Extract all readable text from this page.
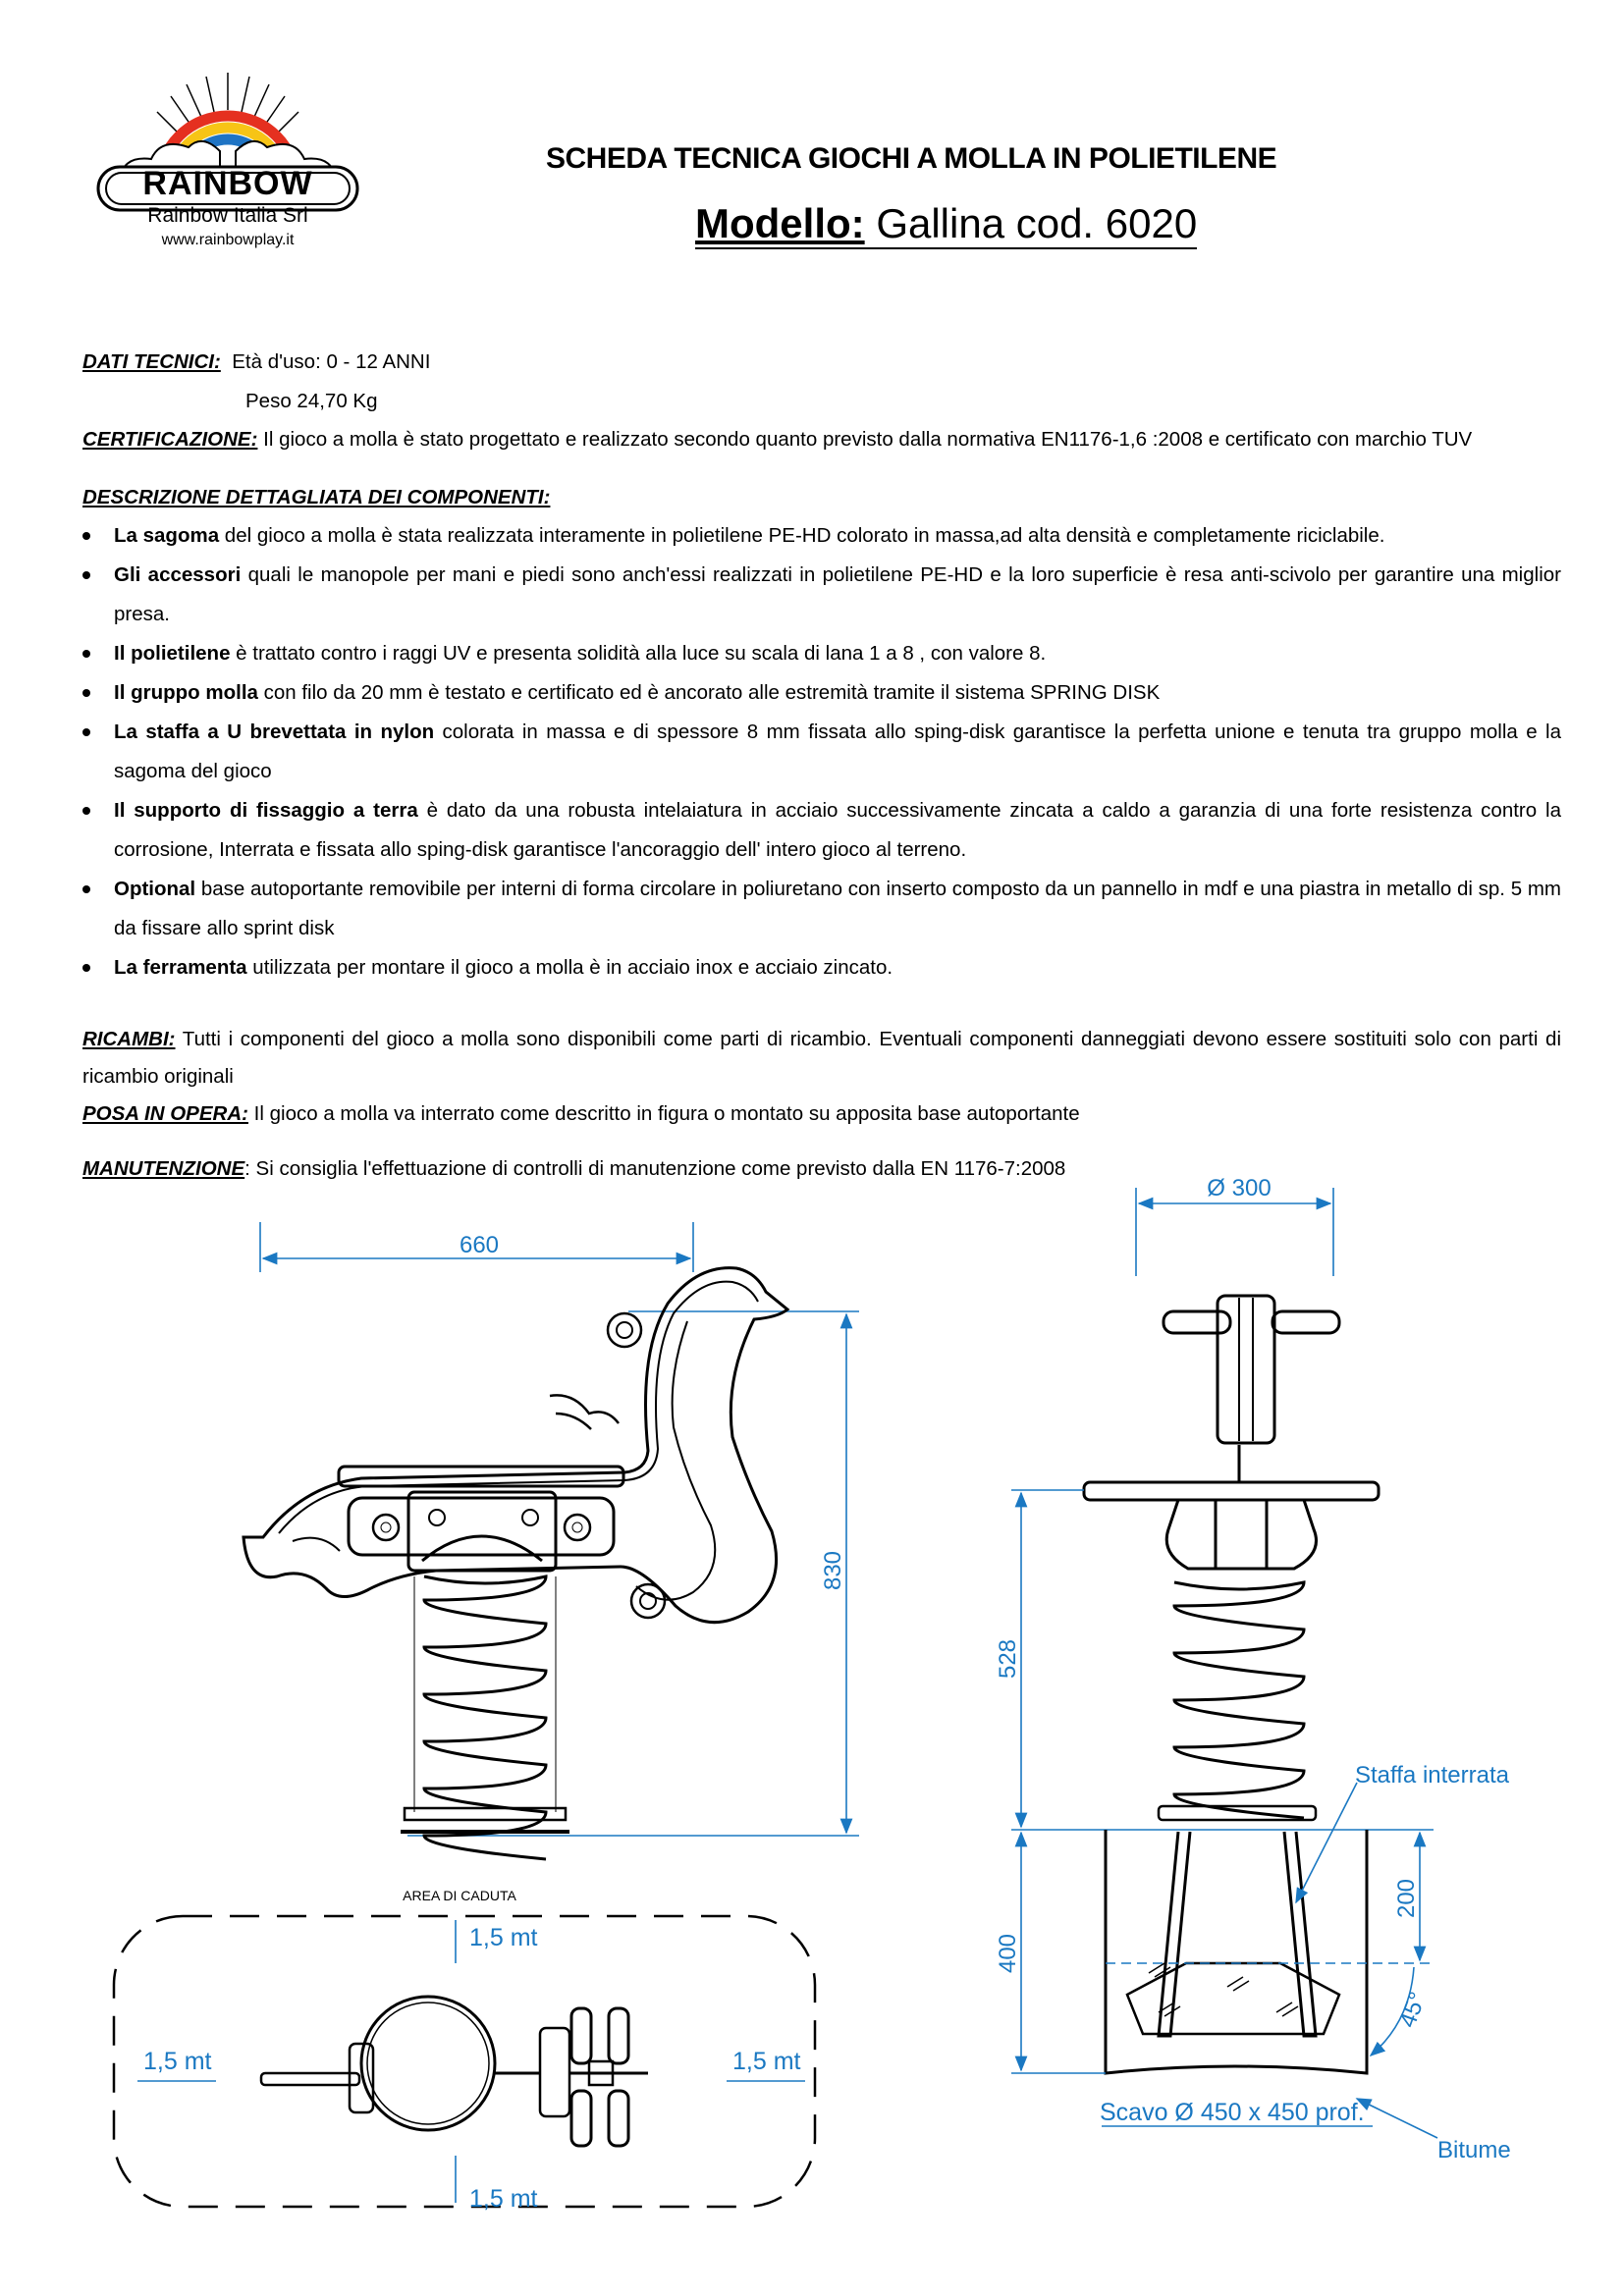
RAINBOW
Rainbow Italia Srl
www.rainbowplay.it
SCHEDA TECNICA GIOCHI A MOLLA IN POLIETILENE
Modello: Gallina cod. 6020
DATI TECNICI: Età d'uso: 0 - 12 ANNI
Peso 24,70 Kg
CERTIFICAZIONE: Il gioco a molla è stato progettato e realizzato secondo quanto previsto dalla normativa EN1176-1,6 :2008 e certificato con marchio TUV
DESCRIZIONE DETTAGLIATA DEI COMPONENTI:
La sagoma del gioco a molla è stata realizzata interamente in polietilene PE-HD colorato in massa,ad alta densità e completamente riciclabile.
Gli accessori quali le manopole per mani e piedi sono anch'essi realizzati in polietilene PE-HD e la loro superficie è resa anti-scivolo per garantire una miglior presa.
Il polietilene è trattato contro i raggi UV e presenta solidità alla luce su scala di lana 1 a 8 , con valore 8.
Il gruppo molla con filo da 20 mm è testato e certificato ed è ancorato alle estremità tramite il sistema SPRING DISK
La staffa a U brevettata in nylon colorata in massa e di spessore 8 mm fissata allo sping-disk garantisce la perfetta unione e tenuta tra gruppo molla e la sagoma del gioco
Il supporto di fissaggio a terra è dato da una robusta intelaiatura in acciaio successivamente zincata a caldo a garanzia di una forte resistenza contro la corrosione, Interrata e fissata allo sping-disk garantisce l'ancoraggio dell' intero gioco al terreno.
Optional base autoportante removibile per interni di forma circolare in poliuretano con inserto composto da un pannello in mdf e una piastra in metallo di sp. 5 mm da fissare allo sprint disk
La ferramenta utilizzata per montare il gioco a molla è in acciaio inox e acciaio zincato.
RICAMBI: Tutti i componenti del gioco a molla sono disponibili come parti di ricambio. Eventuali componenti danneggiati devono essere sostituiti solo con parti di ricambio originali
POSA IN OPERA: Il gioco a molla va interrato come descritto in figura o montato su apposita base autoportante
MANUTENZIONE: Si consiglia l'effettuazione di controlli di manutenzione come previsto dalla EN 1176-7:2008
660
830
Ø 300
528
400
200
45°
Staffa interrata
Scavo Ø 450 x 450 prof.
Bitume
AREA DI CADUTA
1,5 mt
1,5 mt
1,5 mt	1,5 mt
